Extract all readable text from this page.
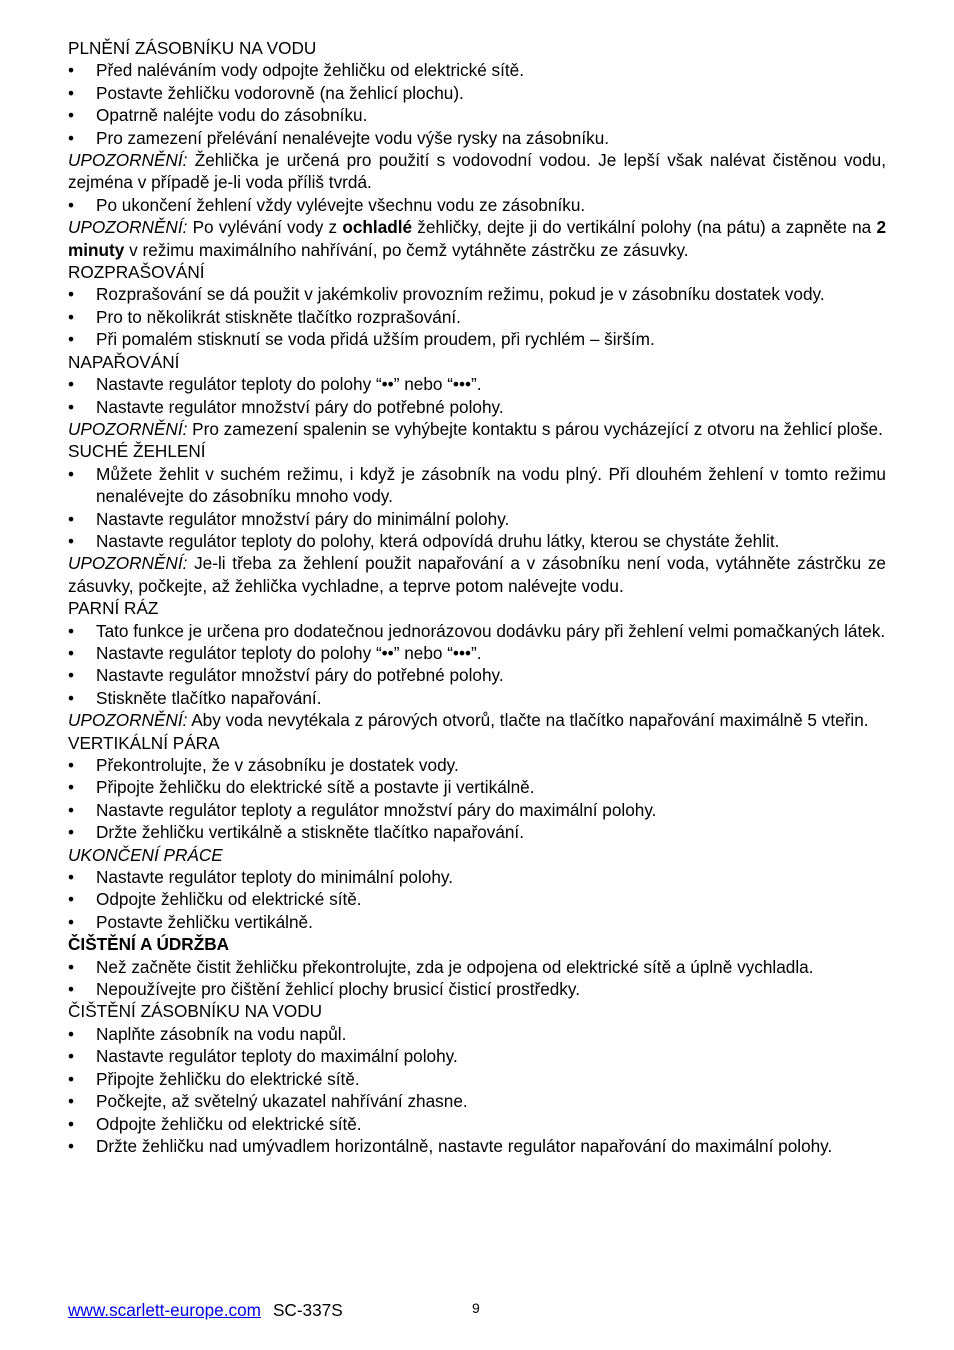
PLNĚNÍ ZÁSOBNÍKU NA VODU

• Před naléváním vody odpojte žehličku od elektrické sítě.
• Postavte žehličku vodorovně (na žehlicí plochu).
• Opatrně naléjte vodu do zásobníku.
• Pro zamezení přelévání nenalévejte vodu výše rysky na zásobníku.

UPOZORNĚNÍ: Žehlička je určená pro použití s vodovodní vodou. Je lepší však nalévat čistěnou vodu, zejména v případě je-li voda příliš tvrdá.

• Po ukončení žehlení vždy vylévejte všechnu vodu ze zásobníku.

UPOZORNĚNÍ: Po vylévání vody z ochladlé žehličky, dejte ji do vertikální polohy (na pátu) a zapněte na 2 minuty v režimu maximálního nahřívání, po čemž vytáhněte zástrčku ze zásuvky.

ROZPRAŠOVÁNÍ

• Rozprašování se dá použit v jakémkoliv provozním režimu, pokud je v zásobníku dostatek vody.
• Pro to několikrát stiskněte tlačítko rozprašování.
• Při pomalém stisknutí se voda přidá užším proudem, při rychlém – širším.

NAPAŘOVÁNÍ

• Nastavte regulátor teploty do polohy “••” nebo “•••”.
• Nastavte regulátor množství páry do potřebné polohy.

UPOZORNĚNÍ: Pro zamezení spalenin se vyhýbejte kontaktu s párou vycházející z otvoru na žehlicí ploše.

SUCHÉ ŽEHLENÍ

• Můžete žehlit v suchém režimu, i když je zásobník na vodu plný. Při dlouhém žehlení v tomto režimu nenalévejte do zásobníku mnoho vody.
• Nastavte regulátor množství páry do minimální polohy.
• Nastavte regulátor teploty do polohy, která odpovídá druhu látky, kterou se chystáte žehlit.

UPOZORNĚNÍ: Je-li třeba za žehlení použit napařování a v zásobníku není voda, vytáhněte zástrčku ze zásuvky, počkejte, až žehlička vychladne, a teprve potom nalévejte vodu.

PARNÍ RÁZ

• Tato funkce je určena pro dodatečnou jednorázovou dodávku páry při žehlení velmi pomačkaných látek.
• Nastavte regulátor teploty do polohy “••” nebo “•••”.
• Nastavte regulátor množství páry do potřebné polohy.
• Stiskněte tlačítko napařování.

UPOZORNĚNÍ: Aby voda nevytékala z párových otvorů, tlačte na tlačítko napařování maximálně 5 vteřin.

VERTIKÁLNÍ PÁRA

• Překontrolujte, že v zásobníku je dostatek vody.
• Připojte žehličku do elektrické sítě a postavte ji vertikálně.
• Nastavte regulátor teploty a regulátor množství páry do maximální polohy.
• Držte žehličku vertikálně a stiskněte tlačítko napařování.

UKONČENÍ PRÁCE

• Nastavte regulátor teploty do minimální polohy.
• Odpojte žehličku od elektrické sítě.
• Postavte žehličku vertikálně.

ČIŠTĚNÍ A ÚDRŽBA

• Než začněte čistit žehličku překontrolujte, zda je odpojena od elektrické sítě a úplně vychladla.
• Nepoužívejte pro čištění žehlicí plochy brusicí čisticí prostředky.

ČIŠTĚNÍ ZÁSOBNÍKU NA VODU

• Naplňte zásobník na vodu napůl.
• Nastavte regulátor teploty do maximální polohy.
• Připojte žehličku do elektrické sítě.
• Počkejte, až světelný ukazatel nahřívání zhasne.
• Odpojte žehličku od elektrické sítě.
• Držte žehličku nad umývadlem horizontálně, nastavte regulátor napařování do maximální polohy.
www.scarlett-europe.com SC-337S	9
